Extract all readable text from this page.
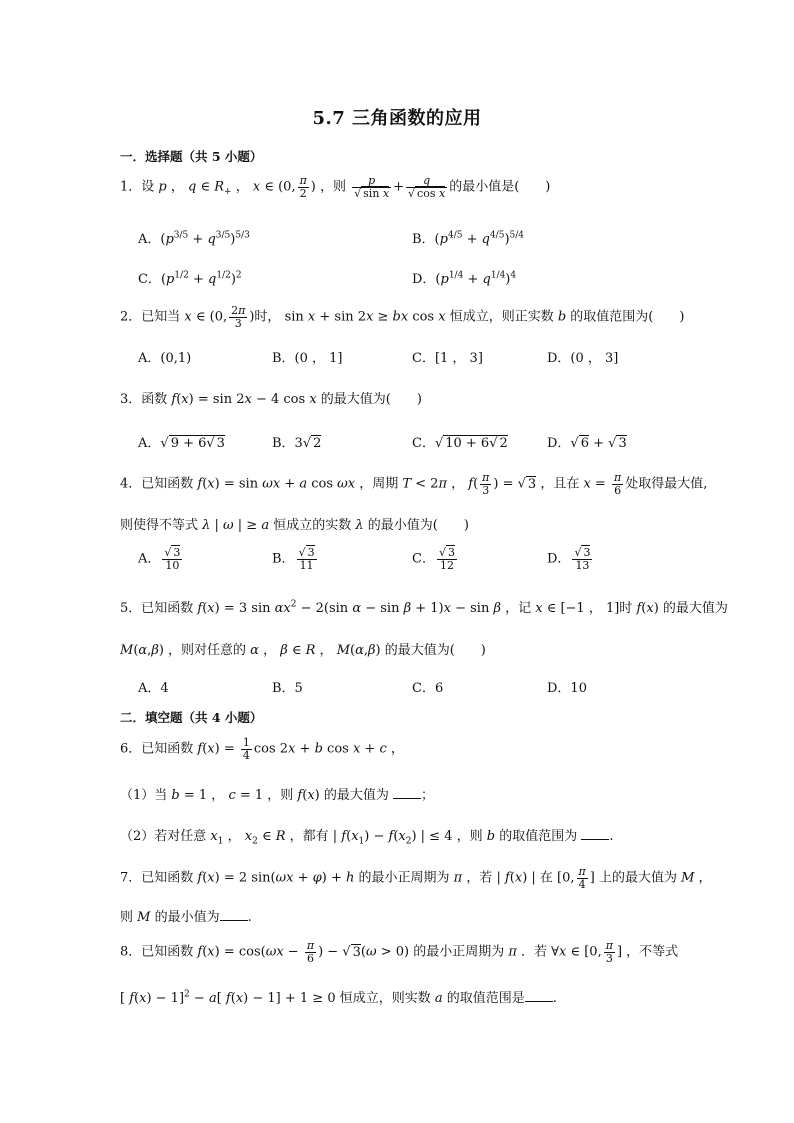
5.7 三角函数的应用
一．选择题（共 5 小题）
1．设 p ， q ∈ $R_+$ ， x ∈ (0, $\frac{\pi}{2}$ ) ，则 $\frac{p}{\text{√ sin x}} + \frac{q}{\text{√ cos x}}$ 的最小值是(　　)
A．$(p^{3/5} + q^{3/5})^{5/3}$	B．$(p^{4/5} + q^{4/5})^{5/4}$
C．$(p^{1/2} + q^{1/2})^2$	D．$(p^{1/4} + q^{1/4})^4$
2．已知当 x ∈ (0, $\frac{2\pi}{3}$ )时， sin x + sin 2x ≥ bx cos x 恒成立，则正实数 b 的取值范围为(　　)
A．(0,1)	B．(0 ， 1]	C．[1 ， 3]	D．(0 ， 3]
3．函数 f(x) = sin 2x − 4 cos x 的最大值为(　　)
A．√ 9 + 6√ 3	B．3√ 2	C．√ 10 + 6√ 2	D．√ 6 + √ 3
4．已知函数 f(x) = sin ωx + a cos ωx ，周期 T < 2π ， $f( \frac{\pi}{3}$ ) = √ 3 ，且在 $x = \frac{\pi}{6}$ 处取得最大值,
则使得不等式 λ | ω | ≥ a 恒成立的实数 λ 的最小值为(　　)
A． $\frac{√ 3}{10}$	B． $\frac{√ 3}{11}$	C． $\frac{√ 3}{12}$	D． $\frac{√ 3}{13}$
5．已知函数 f(x) = 3 $\sin \alpha x^2 - 2(\sin$ α − sin β + 1)x − sin β ，记 x ∈ [−1 ， 1]时 f(x) 的最大值为
M(α,β) ，则对任意的 α ， β ∈ R ， M(α,β) 的最大值为(　　)
A．4	B．5	C．6	D．10
二．填空题（共 4 小题）
6．已知函数 $f(x) = \frac{1}{4}$ cos 2x + b cos x + c ，
（1）当 b = 1 ， c = 1 ，则 f(x) 的最大值为 ；
（2）若对任意 $x_1$ ， $x_2$ ∈ R ，都有 | $f(x_1) - f(x_2)$ | ≤ 4 ，则 b 的取值范围为 .
7．已知函数 f(x) = 2 sin(ωx + φ) + h 的最小正周期为 π ，若 | f(x) | 在 [0, $\frac{\pi}{4}$ ] 上的最大值为 M ，
则 M 的最小值为 .
8．已知函数 $f(x) = \cos(\omega x - \frac{\pi}{6}$ ) − √ 3(ω > 0) 的最小正周期为 π ．若 ∀x ∈ [0, $\frac{\pi}{3}$ ] ，不等式
[ f(x) − 1]$^2$ − a[ f(x) − 1] + 1 ≥ 0 恒成立，则实数 a 的取值范围是 .
